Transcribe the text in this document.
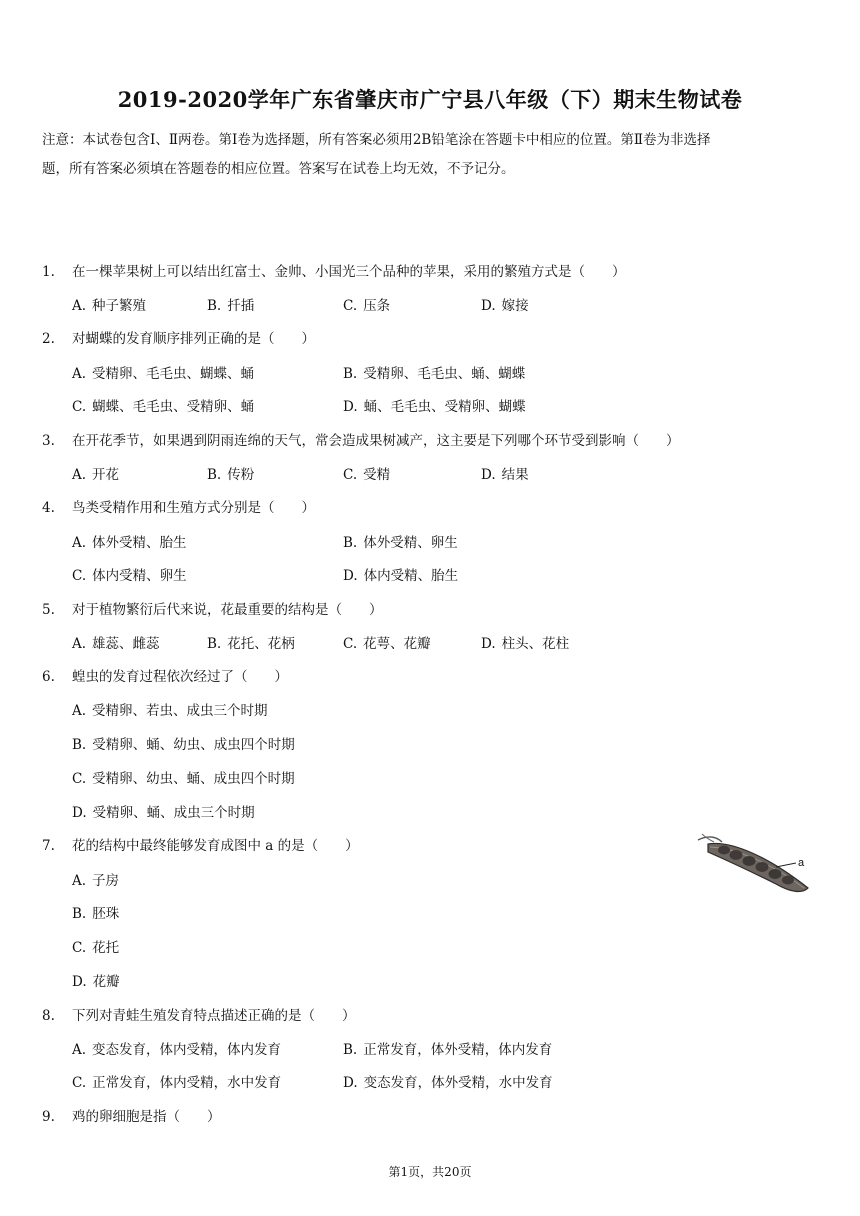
2019-2020学年广东省肇庆市广宁县八年级（下）期末生物试卷
注意：本试卷包含Ⅰ、Ⅱ两卷。第Ⅰ卷为选择题，所有答案必须用2B铅笔涂在答题卡中相应的位置。第Ⅱ卷为非选择
题，所有答案必须填在答题卷的相应位置。答案写在试卷上均无效，不予记分。
1. 在一棵苹果树上可以结出红富士、金帅、小国光三个品种的苹果，采用的繁殖方式是（　　）
A. 种子繁殖	B. 扦插	C. 压条	D. 嫁接
2. 对蝴蝶的发育顺序排列正确的是（　　）
A. 受精卵、毛毛虫、蝴蝶、蛹	B. 受精卵、毛毛虫、蛹、蝴蝶
C. 蝴蝶、毛毛虫、受精卵、蛹	D. 蛹、毛毛虫、受精卵、蝴蝶
3. 在开花季节，如果遇到阴雨连绵的天气，常会造成果树减产，这主要是下列哪个环节受到影响（　　）
A. 开花	B. 传粉	C. 受精	D. 结果
4. 鸟类受精作用和生殖方式分别是（　　）
A. 体外受精、胎生	B. 体外受精、卵生
C. 体内受精、卵生	D. 体内受精、胎生
5. 对于植物繁衍后代来说，花最重要的结构是（　　）
A. 雄蕊、雌蕊	B. 花托、花柄	C. 花萼、花瓣	D. 柱头、花柱
6. 蝗虫的发育过程依次经过了（　　）
A. 受精卵、若虫、成虫三个时期
B. 受精卵、蛹、幼虫、成虫四个时期
C. 受精卵、幼虫、蛹、成虫四个时期
D. 受精卵、蛹、成虫三个时期
7. 花的结构中最终能够发育成图中 a 的是（　　）
A. 子房
B. 胚珠
C. 花托
D. 花瓣
a
8. 下列对青蛙生殖发育特点描述正确的是（　　）
A. 变态发育，体内受精，体内发育	B. 正常发育，体外受精，体内发育
C. 正常发育，体内受精，水中发育	D. 变态发育，体外受精，水中发育
9. 鸡的卵细胞是指（　　）
第1页，共20页
